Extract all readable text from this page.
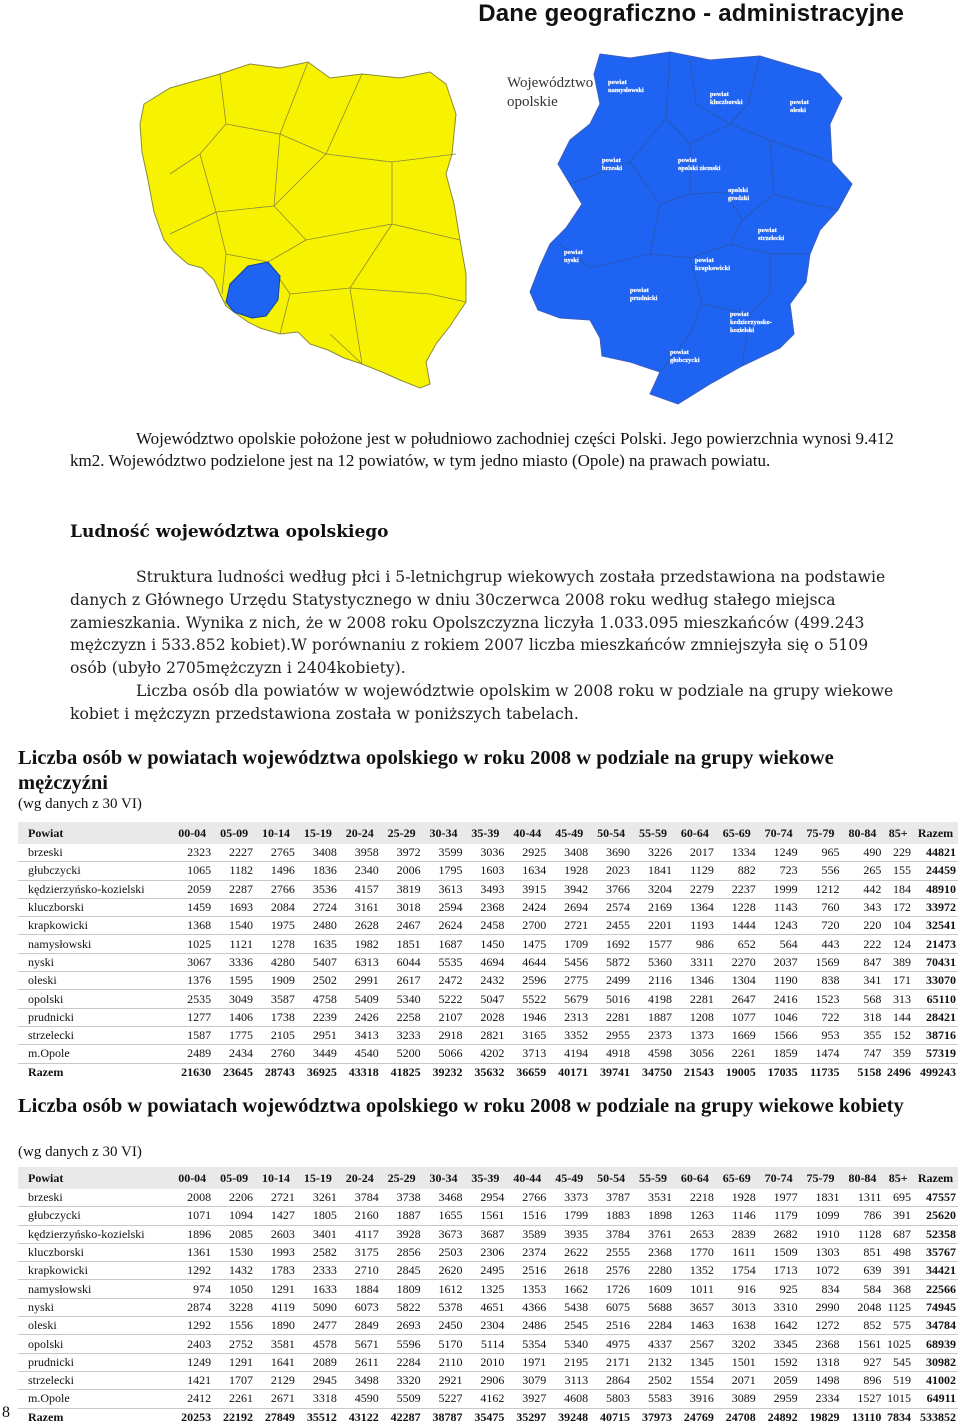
Dane geograficzno - administracyjne
powiat
namysłowski
powiat
kluczborski	powiat
oleski
powiat
brzeski
powiat
opolski ziemski
opolski
grodzki
powiat
strzelecki
powiat
nyski	powiat
krapkowicki
powiat
prudnicki
powiat
kedzierzynsko-
kozielski
powiat
głubczycki
Województwo
opolskie

Województwo opolskie położone jest w południowo zachodniej części Polski. Jego powierzchnia wynosi 9.412 km2. Województwo podzielone jest na 12 powiatów, w tym jedno miasto (Opole) na prawach powiatu.

Ludność województwa opolskiego
Struktura ludności według płci i 5-letnichgrup wiekowych została przedstawiona na podstawie danych z Głównego Urzędu Statystycznego w dniu 30czerwca 2008 roku według stałego miejsca zamieszkania. Wynika z nich, że w 2008 roku Opolszczyzna liczyła 1.033.095 mieszkańców (499.243 mężczyzn i 533.852 kobiet).W porównaniu z rokiem 2007 liczba mieszkańców zmniejszyła się o 5109 osób (ubyło 2705mężczyzn i 2404kobiety).
Liczba osób dla powiatów w województwie opolskim w 2008 roku w podziale na grupy wiekowe kobiet i mężczyzn przedstawiona została w poniższych tabelach.
Liczba osób w powiatach województwa opolskiego w roku 2008 w podziale na grupy wiekowe mężczyźni

(wg danych z 30 VI)

Powiat	00-04	05-09	10-14	15-19	20-24	25-29	30-34	35-39	40-44	45-49	50-54	55-59	60-64	65-69	70-74	75-79	80-84	85+	Razem
brzeski	2323	2227	2765	3408	3958	3972	3599	3036	2925	3408	3690	3226	2017	1334	1249	965	490	229	44821
głubczycki	1065	1182	1496	1836	2340	2006	1795	1603	1634	1928	2023	1841	1129	882	723	556	265	155	24459
kędzierzyńsko-kozielski	2059	2287	2766	3536	4157	3819	3613	3493	3915	3942	3766	3204	2279	2237	1999	1212	442	184	48910
kluczborski	1459	1693	2084	2724	3161	3018	2594	2368	2424	2694	2574	2169	1364	1228	1143	760	343	172	33972
krapkowicki	1368	1540	1975	2480	2628	2467	2624	2458	2700	2721	2455	2201	1193	1444	1243	720	220	104	32541
namysłowski	1025	1121	1278	1635	1982	1851	1687	1450	1475	1709	1692	1577	986	652	564	443	222	124	21473
nyski	3067	3336	4280	5407	6313	6044	5535	4694	4644	5456	5872	5360	3311	2270	2037	1569	847	389	70431
oleski	1376	1595	1909	2502	2991	2617	2472	2432	2596	2775	2499	2116	1346	1304	1190	838	341	171	33070
opolski	2535	3049	3587	4758	5409	5340	5222	5047	5522	5679	5016	4198	2281	2647	2416	1523	568	313	65110
prudnicki	1277	1406	1738	2239	2426	2258	2107	2028	1946	2313	2281	1887	1208	1077	1046	722	318	144	28421
strzelecki	1587	1775	2105	2951	3413	3233	2918	2821	3165	3352	2955	2373	1373	1669	1566	953	355	152	38716
m.Opole	2489	2434	2760	3449	4540	5200	5066	4202	3713	4194	4918	4598	3056	2261	1859	1474	747	359	57319
Razem	21630	23645	28743	36925	43318	41825	39232	35632	36659	40171	39741	34750	21543	19005	17035	11735	5158	2496	499243
Liczba osób w powiatach województwa opolskiego w roku 2008 w podziale na grupy wiekowe kobiety

(wg danych z 30 VI)

Powiat	00-04	05-09	10-14	15-19	20-24	25-29	30-34	35-39	40-44	45-49	50-54	55-59	60-64	65-69	70-74	75-79	80-84	85+	Razem
brzeski	2008	2206	2721	3261	3784	3738	3468	2954	2766	3373	3787	3531	2218	1928	1977	1831	1311	695	47557
głubczycki	1071	1094	1427	1805	2160	1887	1655	1561	1516	1799	1883	1898	1263	1146	1179	1099	786	391	25620
kędzierzyńsko-kozielski	1896	2085	2603	3401	4117	3928	3673	3687	3589	3935	3784	3761	2653	2839	2682	1910	1128	687	52358
kluczborski	1361	1530	1993	2582	3175	2856	2503	2306	2374	2622	2555	2368	1770	1611	1509	1303	851	498	35767
krapkowicki	1292	1432	1783	2333	2710	2845	2620	2495	2516	2618	2576	2280	1352	1754	1713	1072	639	391	34421
namysłowski	974	1050	1291	1633	1884	1809	1612	1325	1353	1662	1726	1609	1011	916	925	834	584	368	22566
nyski	2874	3228	4119	5090	6073	5822	5378	4651	4366	5438	6075	5688	3657	3013	3310	2990	2048	1125	74945
oleski	1292	1556	1890	2477	2849	2693	2450	2304	2486	2545	2516	2284	1463	1638	1642	1272	852	575	34784
opolski	2403	2752	3581	4578	5671	5596	5170	5114	5354	5340	4975	4337	2567	3202	3345	2368	1561	1025	68939
prudnicki	1249	1291	1641	2089	2611	2284	2110	2010	1971	2195	2171	2132	1345	1501	1592	1318	927	545	30982
strzelecki	1421	1707	2129	2945	3498	3320	2921	2906	3079	3113	2864	2502	1554	2071	2059	1498	896	519	41002
m.Opole	2412	2261	2671	3318	4590	5509	5227	4162	3927	4608	5803	5583	3916	3089	2959	2334	1527	1015	64911
Razem	20253	22192	27849	35512	43122	42287	38787	35475	35297	39248	40715	37973	24769	24708	24892	19829	13110	7834	533852
8
